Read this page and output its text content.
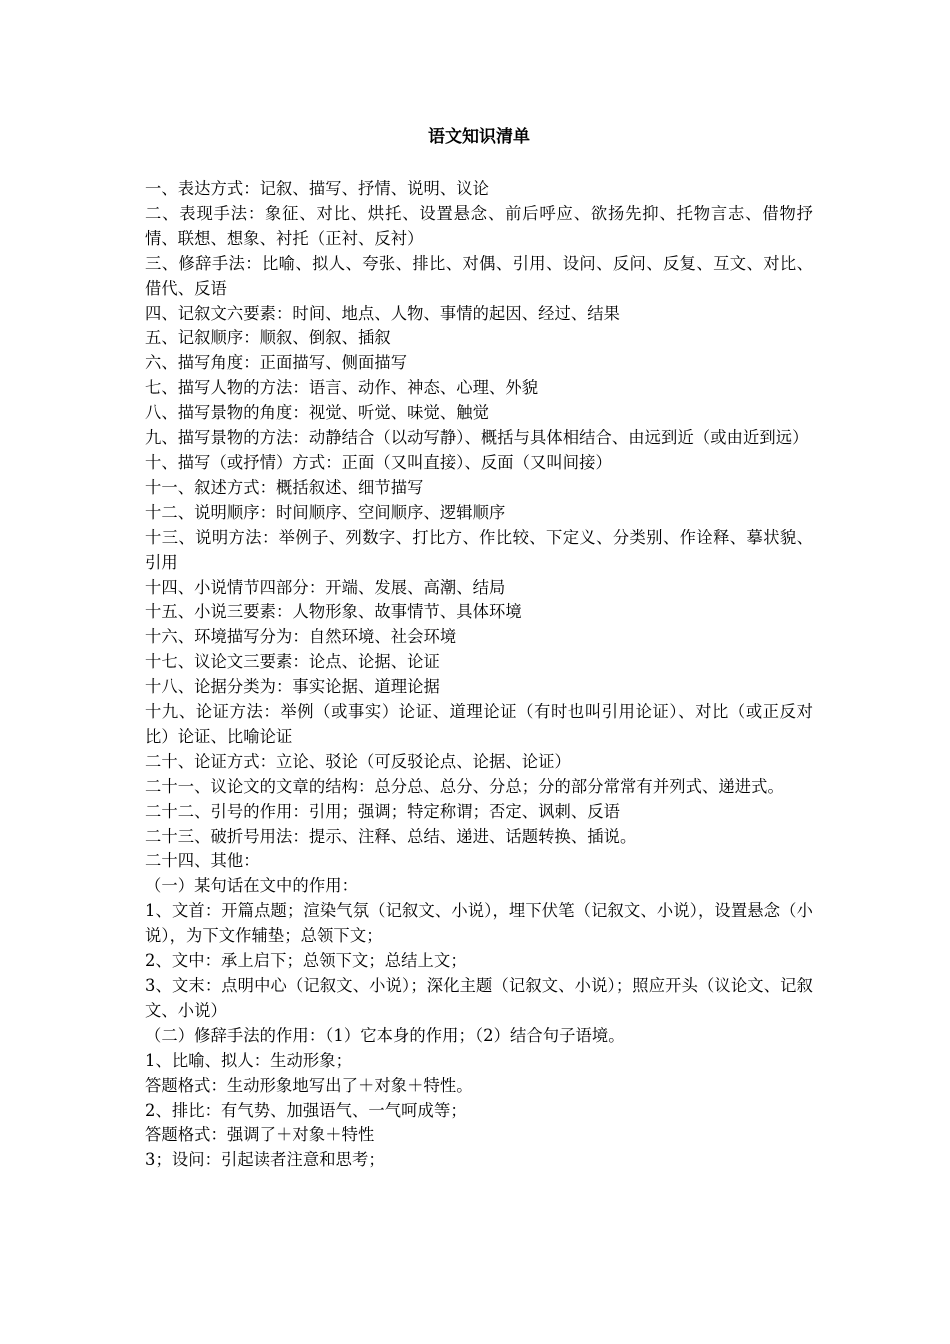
语文知识清单

一、表达方式：记叙、描写、抒情、说明、议论

二、表现手法：象征、对比、烘托、设置悬念、前后呼应、欲扬先抑、托物言志、借物抒情、联想、想象、衬托（正衬、反衬）

三、修辞手法：比喻、拟人、夸张、排比、对偶、引用、设问、反问、反复、互文、对比、借代、反语

四、记叙文六要素：时间、地点、人物、事情的起因、经过、结果

五、记叙顺序：顺叙、倒叙、插叙

六、描写角度：正面描写、侧面描写

七、描写人物的方法：语言、动作、神态、心理、外貌

八、描写景物的角度：视觉、听觉、味觉、触觉

九、描写景物的方法：动静结合（以动写静）、概括与具体相结合、由远到近（或由近到远）

十、描写（或抒情）方式：正面（又叫直接）、反面（又叫间接）

十一、叙述方式：概括叙述、细节描写

十二、说明顺序：时间顺序、空间顺序、逻辑顺序

十三、说明方法：举例子、列数字、打比方、作比较、下定义、分类别、作诠释、摹状貌、引用

十四、小说情节四部分：开端、发展、高潮、结局

十五、小说三要素：人物形象、故事情节、具体环境

十六、环境描写分为：自然环境、社会环境

十七、议论文三要素：论点、论据、论证

十八、论据分类为：事实论据、道理论据

十九、论证方法：举例（或事实）论证、道理论证（有时也叫引用论证）、对比（或正反对比）论证、比喻论证

二十、论证方式：立论、驳论（可反驳论点、论据、论证）

二十一、议论文的文章的结构：总分总、总分、分总；分的部分常常有并列式、递进式。

二十二、引号的作用：引用；强调；特定称谓；否定、讽刺、反语

二十三、破折号用法：提示、注释、总结、递进、话题转换、插说。

二十四、其他：

（一）某句话在文中的作用：

1、文首：开篇点题；渲染气氛（记叙文、小说），埋下伏笔（记叙文、小说），设置悬念（小说），为下文作辅垫；总领下文；

2、文中：承上启下；总领下文；总结上文；

3、文末：点明中心（记叙文、小说）；深化主题（记叙文、小说）；照应开头（议论文、记叙文、小说）

（二）修辞手法的作用：（1）它本身的作用；（2）结合句子语境。

1、比喻、拟人：生动形象；

答题格式：生动形象地写出了＋对象＋特性。

2、排比：有气势、加强语气、一气呵成等；

答题格式：强调了＋对象＋特性

3；设问：引起读者注意和思考；
